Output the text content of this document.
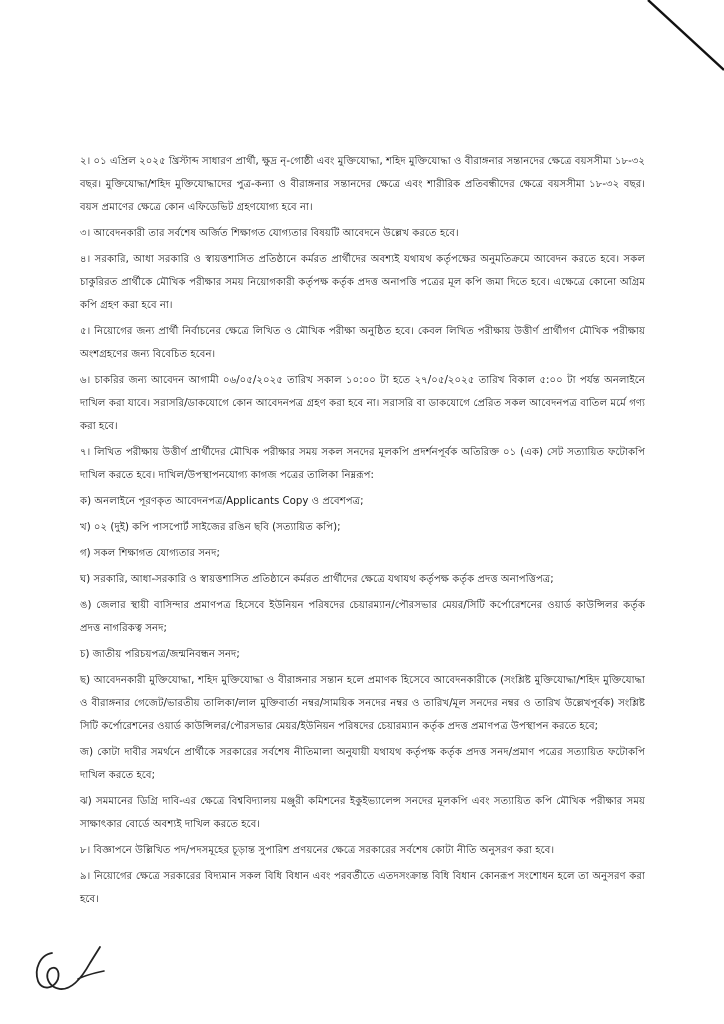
২। ০১ এপ্রিল ২০২৫ খ্রিস্টাব্দ সাধারণ প্রার্থী, ক্ষুদ্র নৃ-গোষ্ঠী এবং মুক্তিযোদ্ধা, শহিদ মুক্তিযোদ্ধা ও বীরাঙ্গনার সন্তানদের ক্ষেত্রে বয়সসীমা ১৮-৩২ বছর। মুক্তিযোদ্ধা/শহিদ মুক্তিযোদ্ধাদের পুত্র-কন্যা ও বীরাঙ্গনার সন্তানদের ক্ষেত্রে এবং শারীরিক প্রতিবন্ধীদের ক্ষেত্রে বয়সসীমা ১৮-৩২ বছর। বয়স প্রমাণের ক্ষেত্রে কোন এফিডেভিট গ্রহণযোগ্য হবে না।

৩। আবেদনকারী তার সর্বশেষ অর্জিত শিক্ষাগত যোগ্যতার বিষয়টি আবেদনে উল্লেখ করতে হবে।

৪। সরকারি, আধা সরকারি ও স্বায়ত্তশাসিত প্রতিষ্ঠানে কর্মরত প্রার্থীদের অবশ্যই যথাযথ কর্তৃপক্ষের অনুমতিক্রমে আবেদন করতে হবে। সকল চাকুরিরত প্রার্থীকে মৌখিক পরীক্ষার সময় নিয়োগকারী কর্তৃপক্ষ কর্তৃক প্রদত্ত অনাপত্তি পত্রের মূল কপি জমা দিতে হবে। এক্ষেত্রে কোনো অগ্রিম কপি গ্রহণ করা হবে না।

৫। নিয়োগের জন্য প্রার্থী নির্বাচনের ক্ষেত্রে লিখিত ও মৌখিক পরীক্ষা অনুষ্ঠিত হবে। কেবল লিখিত পরীক্ষায় উত্তীর্ণ প্রার্থীগণ মৌখিক পরীক্ষায় অংশগ্রহণের জন্য বিবেচিত হবেন।

৬। চাকরির জন্য আবেদন আগামী ০৬/০৫/২০২৫ তারিখ সকাল ১০:০০ টা হতে ২৭/০৫/২০২৫ তারিখ বিকাল ৫:০০ টা পর্যন্ত অনলাইনে দাখিল করা যাবে। সরাসরি/ডাকযোগে কোন আবেদনপত্র গ্রহণ করা হবে না। সরাসরি বা ডাকযোগে প্রেরিত সকল আবেদনপত্র বাতিল মর্মে গণ্য করা হবে।

৭। লিখিত পরীক্ষায় উত্তীর্ণ প্রার্থীদের মৌখিক পরীক্ষার সময় সকল সনদের মূলকপি প্রদর্শনপূর্বক অতিরিক্ত ০১ (এক) সেট সত্যায়িত ফটোকপি দাখিল করতে হবে। দাখিল/উপস্থাপনযোগ্য কাগজ পত্রের তালিকা নিম্নরূপ:

ক) অনলাইনে পূরণকৃত আবেদনপত্র/Applicants Copy ও প্রবেশপত্র;

খ) ০২ (দুই) কপি পাসপোর্ট সাইজের রঙিন ছবি (সত্যায়িত কপি);

গ) সকল শিক্ষাগত যোগ্যতার সনদ;

ঘ) সরকারি, আধা-সরকারি ও স্বায়ত্তশাসিত প্রতিষ্ঠানে কর্মরত প্রার্থীদের ক্ষেত্রে যথাযথ কর্তৃপক্ষ কর্তৃক প্রদত্ত অনাপত্তিপত্র;

ঙ) জেলার স্থায়ী বাসিন্দার প্রমাণপত্র হিসেবে ইউনিয়ন পরিষদের চেয়ারম্যান/পৌরসভার মেয়র/সিটি কর্পোরেশনের ওয়ার্ড কাউন্সিলর কর্তৃক প্রদত্ত নাগরিকত্ব সনদ;

চ) জাতীয় পরিচয়পত্র/জন্মনিবন্ধন সনদ;

ছ) আবেদনকারী মুক্তিযোদ্ধা, শহিদ মুক্তিযোদ্ধা ও বীরাঙ্গনার সন্তান হলে প্রমাণক হিসেবে আবেদনকারীকে (সংশ্লিষ্ট মুক্তিযোদ্ধা/শহিদ মুক্তিযোদ্ধা ও বীরাঙ্গনার গেজেট/ভারতীয় তালিকা/লাল মুক্তিবার্তা নম্বর/সাময়িক সনদের নম্বর ও তারিখ/মূল সনদের নম্বর ও তারিখ উল্লেখপূর্বক) সংশ্লিষ্ট সিটি কর্পোরেশনের ওয়ার্ড কাউন্সিলর/পৌরসভার মেয়র/ইউনিয়ন পরিষদের চেয়ারম্যান কর্তৃক প্রদত্ত প্রমাণপত্র উপস্থাপন করতে হবে;

জ) কোটা দাবীর সমর্থনে প্রার্থীকে সরকারের সর্বশেষ নীতিমালা অনুযায়ী যথাযথ কর্তৃপক্ষ কর্তৃক প্রদত্ত সনদ/প্রমাণ পত্রের সত্যায়িত ফটোকপি দাখিল করতে হবে;

ঝ) সমমানের ডিগ্রি দাবি-এর ক্ষেত্রে বিশ্ববিদ্যালয় মঞ্জুরী কমিশনের ইকুইভ্যালেন্স সনদের মূলকপি এবং সত্যায়িত কপি মৌখিক পরীক্ষার সময় সাক্ষাৎকার বোর্ডে অবশ্যই দাখিল করতে হবে।

৮। বিজ্ঞাপনে উল্লিখিত পদ/পদসমূহের চূড়ান্ত সুপারিশ প্রণয়নের ক্ষেত্রে সরকারের সর্বশেষ কোটা নীতি অনুসরণ করা হবে।

৯। নিয়োগের ক্ষেত্রে সরকারের বিদ্যমান সকল বিধি বিধান এবং পরবর্তীতে এতদসংক্রান্ত বিধি বিধান কোনরূপ সংশোধন হলে তা অনুসরণ করা হবে।
